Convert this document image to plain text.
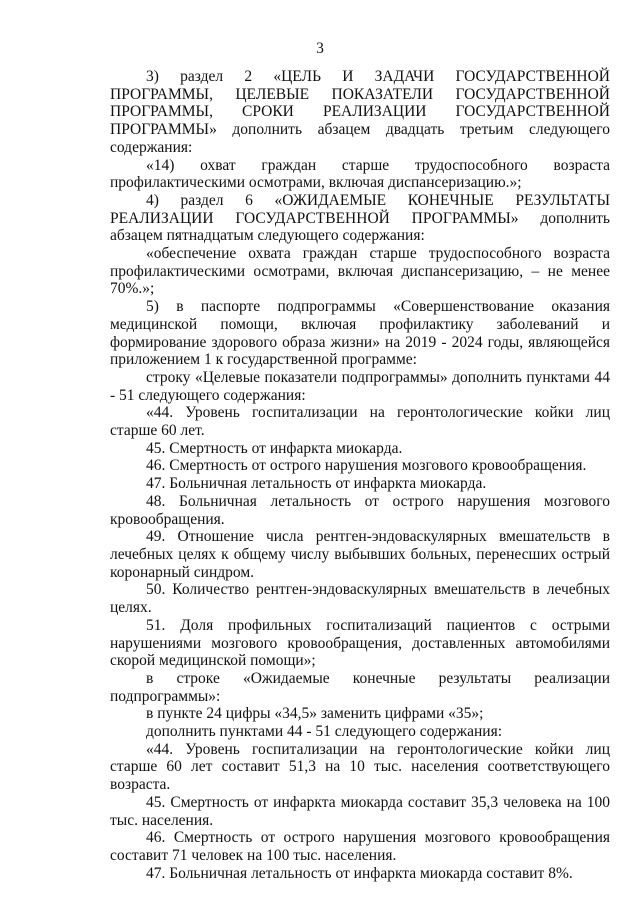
3

3) раздел 2 «ЦЕЛЬ И ЗАДАЧИ ГОСУДАРСТВЕННОЙ ПРОГРАММЫ, ЦЕЛЕВЫЕ ПОКАЗАТЕЛИ ГОСУДАРСТВЕННОЙ ПРОГРАММЫ, СРОКИ РЕАЛИЗАЦИИ ГОСУДАРСТВЕННОЙ ПРОГРАММЫ» дополнить абзацем двадцать третьим следующего содержания:

«14) охват граждан старше трудоспособного возраста профилактическими осмотрами, включая диспансеризацию.»;

4) раздел 6 «ОЖИДАЕМЫЕ КОНЕЧНЫЕ РЕЗУЛЬТАТЫ РЕАЛИЗАЦИИ ГОСУДАРСТВЕННОЙ ПРОГРАММЫ» дополнить абзацем пятнадцатым следующего содержания:

«обеспечение охвата граждан старше трудоспособного возраста профилактическими осмотрами, включая диспансеризацию, – не менее 70%.»;

5) в паспорте подпрограммы «Совершенствование оказания медицинской помощи, включая профилактику заболеваний и формирование здорового образа жизни» на 2019 - 2024 годы, являющейся приложением 1 к государственной программе:

строку «Целевые показатели подпрограммы» дополнить пунктами 44 - 51 следующего содержания:

«44. Уровень госпитализации на геронтологические койки лиц старше 60 лет.

45. Смертность от инфаркта миокарда.

46. Смертность от острого нарушения мозгового кровообращения.

47. Больничная летальность от инфаркта миокарда.

48. Больничная летальность от острого нарушения мозгового кровообращения.

49. Отношение числа рентген-эндоваскулярных вмешательств в лечебных целях к общему числу выбывших больных, перенесших острый коронарный синдром.

50. Количество рентген-эндоваскулярных вмешательств в лечебных целях.

51. Доля профильных госпитализаций пациентов с острыми нарушениями мозгового кровообращения, доставленных автомобилями скорой медицинской помощи»;

в строке «Ожидаемые конечные результаты реализации подпрограммы»:

в пункте 24 цифры «34,5» заменить цифрами «35»;

дополнить пунктами 44 - 51 следующего содержания:

«44. Уровень госпитализации на геронтологические койки лиц старше 60 лет составит 51,3 на 10 тыс. населения соответствующего возраста.

45. Смертность от инфаркта миокарда составит 35,3 человека на 100 тыс. населения.

46. Смертность от острого нарушения мозгового кровообращения составит 71 человек на 100 тыс. населения.

47. Больничная летальность от инфаркта миокарда составит 8%.
